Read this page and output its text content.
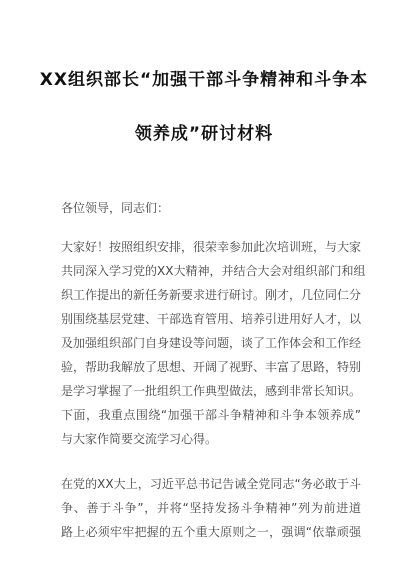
XX组织部长“加强干部斗争精神和斗争本
领养成”研讨材料
各位领导，同志们：
大家好！按照组织安排，很荣幸参加此次培训班，与大家
共同深入学习党的XX大精神，并结合大会对组织部门和组
织工作提出的新任务新要求进行研讨。刚才，几位同仁分
别围绕基层党建、干部选育管用、培养引进用好人才，以
及加强组织部门自身建设等问题，谈了工作体会和工作经
验，帮助我解放了思想、开阔了视野、丰富了思路，特别
是学习掌握了一批组织工作典型做法，感到非常长知识。
下面，我重点围绕“加强干部斗争精神和斗争本领养成”
与大家作简要交流学习心得。
在党的XX大上，习近平总书记告诫全党同志“务必敢于斗
争、善于斗争”，并将“坚持发扬斗争精神”列为前进道
路上必须牢牢把握的五个重大原则之一，强调“依靠顽强
